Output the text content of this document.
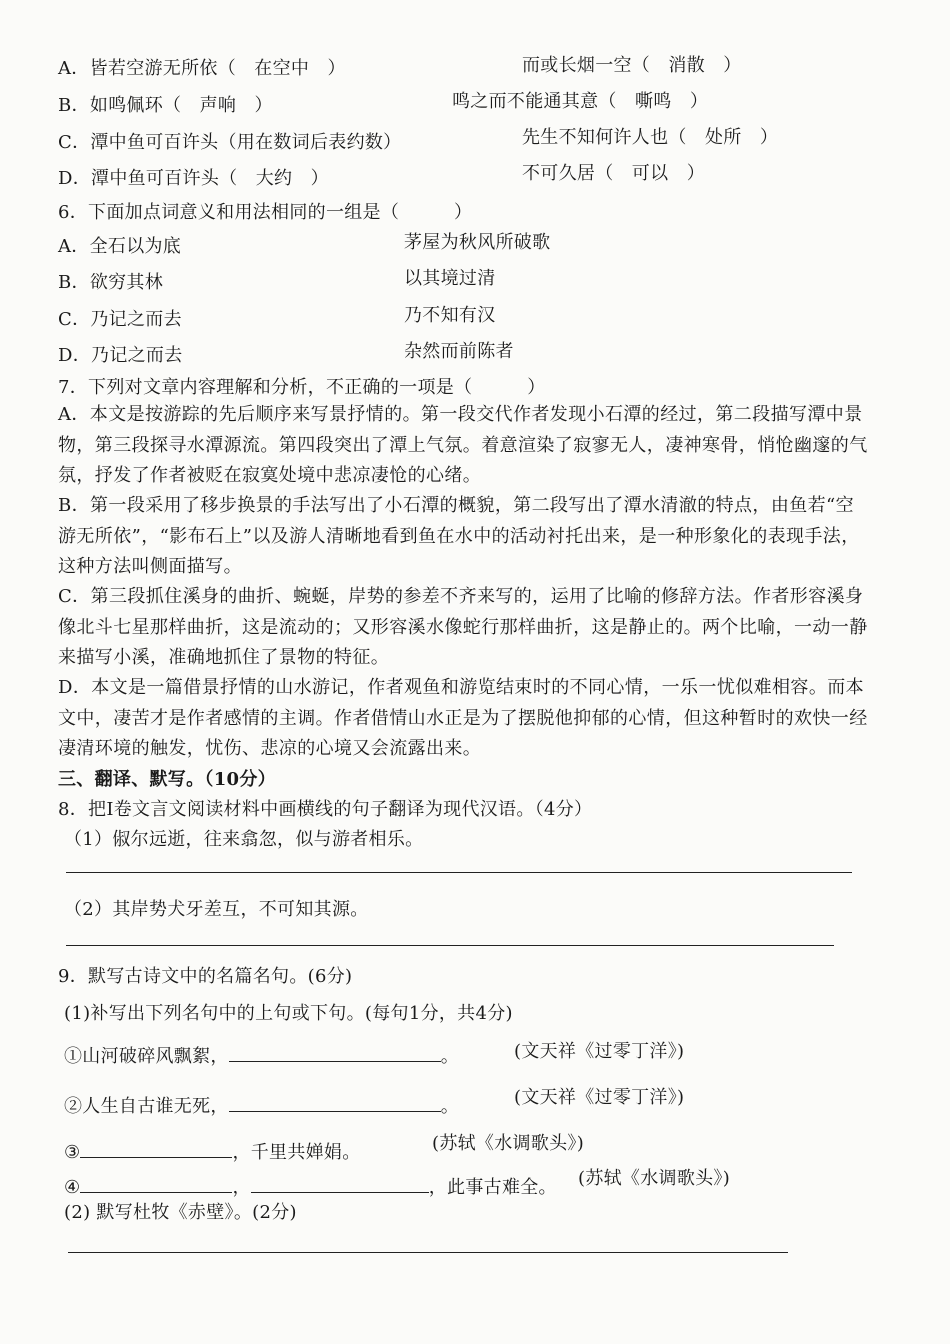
A．皆若空游无所依（　在空中　）	而或长烟一空（　消散　）
B．如鸣佩环（　声响　）	鸣之而不能通其意（　嘶鸣　）
C．潭中鱼可百许头（用在数词后表约数）	先生不知何许人也（　处所　）
D．潭中鱼可百许头（　大约　）	不可久居（　可以　）
6．下面加点词意义和用法相同的一组是（　　　）
A．全石以为底	茅屋为秋风所破歌
B．欲穷其林	以其境过清
C．乃记之而去	乃不知有汉
D．乃记之而去	杂然而前陈者
7．下列对文章内容理解和分析，不正确的一项是（　　　）
A．本文是按游踪的先后顺序来写景抒情的。第一段交代作者发现小石潭的经过，第二段描写潭中景物，第三段探寻水潭源流。第四段突出了潭上气氛。着意渲染了寂寥无人，凄神寒骨，悄怆幽邃的气氛，抒发了作者被贬在寂寞处境中悲凉凄怆的心绪。
B．第一段采用了移步换景的手法写出了小石潭的概貌，第二段写出了潭水清澈的特点，由鱼若“空游无所依”，“影布石上”以及游人清晰地看到鱼在水中的活动衬托出来，是一种形象化的表现手法，这种方法叫侧面描写。
C．第三段抓住溪身的曲折、蜿蜒，岸势的参差不齐来写的，运用了比喻的修辞方法。作者形容溪身像北斗七星那样曲折，这是流动的；又形容溪水像蛇行那样曲折，这是静止的。两个比喻，一动一静来描写小溪，准确地抓住了景物的特征。
D．本文是一篇借景抒情的山水游记，作者观鱼和游览结束时的不同心情，一乐一忧似难相容。而本文中，凄苦才是作者感情的主调。作者借情山水正是为了摆脱他抑郁的心情，但这种暂时的欢快一经凄清环境的触发，忧伤、悲凉的心境又会流露出来。
三、翻译、默写。（10分）
8．把Ⅰ卷文言文阅读材料中画横线的句子翻译为现代汉语。（4分）
（1）俶尔远逝，往来翕忽，似与游者相乐。
（2）其岸势犬牙差互，不可知其源。
9．默写古诗文中的名篇名句。(6分)
(1)补写出下列名句中的上句或下句。(每句1分，共4分)
①山河破碎风飘絮，	。	(文天祥《过零丁洋》)
②人生自古谁无死，	。	(文天祥《过零丁洋》)
③	，千里共婵娟。	(苏轼《水调歌头》)
④	，	，此事古难全。 (苏轼《水调歌头》)
(2) 默写杜牧《赤壁》。(2分)
